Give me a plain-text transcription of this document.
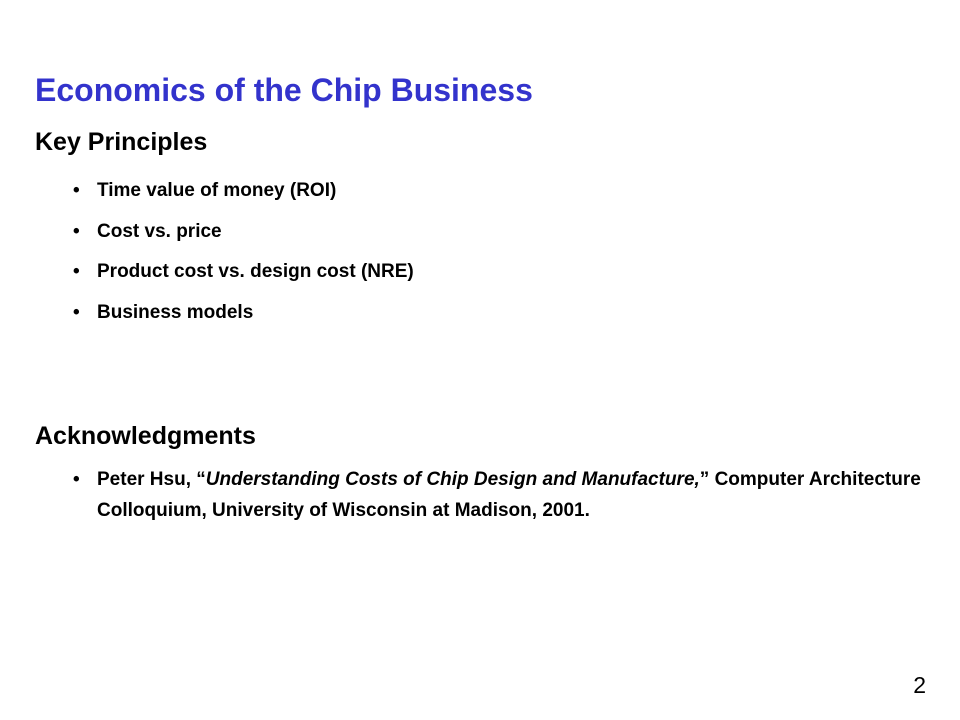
Economics of the Chip Business
Key Principles
• Time value of money (ROI)
• Cost vs. price
• Product cost vs. design cost (NRE)
• Business models
Acknowledgments
• Peter Hsu, “Understanding Costs of Chip Design and Manufacture,” Computer Architecture Colloquium, University of Wisconsin at Madison, 2001.
2
